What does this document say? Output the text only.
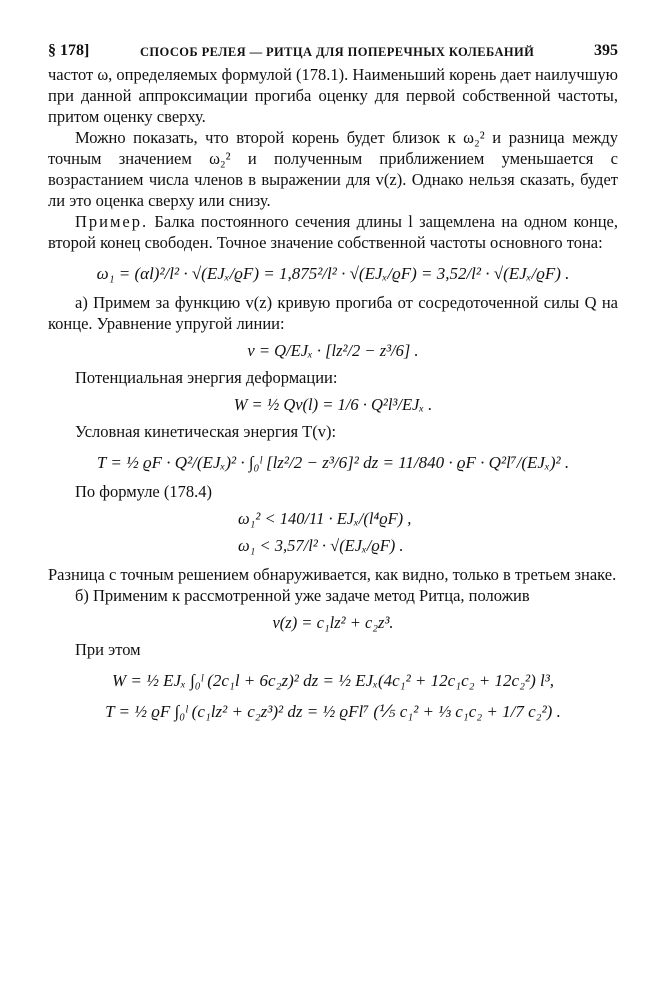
§ 178]	СПОСОБ РЕЛЕЯ — РИТЦА ДЛЯ ПОПЕРЕЧНЫХ КОЛЕБАНИЙ	395

частот ω, определяемых формулой (178.1). Наименьший корень дает наилучшую при данной аппроксимации прогиба оценку для первой собственной частоты, притом оценку сверху.

Можно показать, что второй корень будет близок к ω₂² и разница между точным значением ω₂² и полученным приближением уменьшается с возрастанием числа членов в выражении для v(z). Однако нельзя сказать, будет ли это оценка сверху или снизу.

Пример. Балка постоянного сечения длины l защемлена на одном конце, второй конец свободен. Точное значение собственной частоты основного тона:

ω₁ = (αl)²/l² · √(EJₓ/ϱF) = 1,875²/l² · √(EJₓ/ϱF) = 3,52/l² · √(EJₓ/ϱF) .

а) Примем за функцию v(z) кривую прогиба от сосредоточенной силы Q на конце. Уравнение упругой линии:

v = Q/EJₓ · [lz²/2 − z³/6] .

Потенциальная энергия деформации:

W = ½ Qv(l) = 1/6 · Q²l³/EJₓ .

Условная кинетическая энергия T(v):

T = ½ ϱF · Q²/(EJₓ)² · ∫₀ˡ [lz²/2 − z³/6]² dz = 11/840 · ϱF · Q²l⁷/(EJₓ)² .

По формуле (178.4)

ω₁² < 140/11 · EJₓ/(l⁴ϱF) ,
ω₁ < 3,57/l² · √(EJₓ/ϱF) .

Разница с точным решением обнаруживается, как видно, только в третьем знаке.

б) Применим к рассмотренной уже задаче метод Ритца, положив

v(z) = c₁lz² + c₂z³.

При этом

W = ½ EJₓ ∫₀ˡ (2c₁l + 6c₂z)² dz = ½ EJₓ(4c₁² + 12c₁c₂ + 12c₂²) l³,
T = ½ ϱF ∫₀ˡ (c₁lz² + c₂z³)² dz = ½ ϱFl⁷ (⅕ c₁² + ⅓ c₁c₂ + 1/7 c₂²) .
